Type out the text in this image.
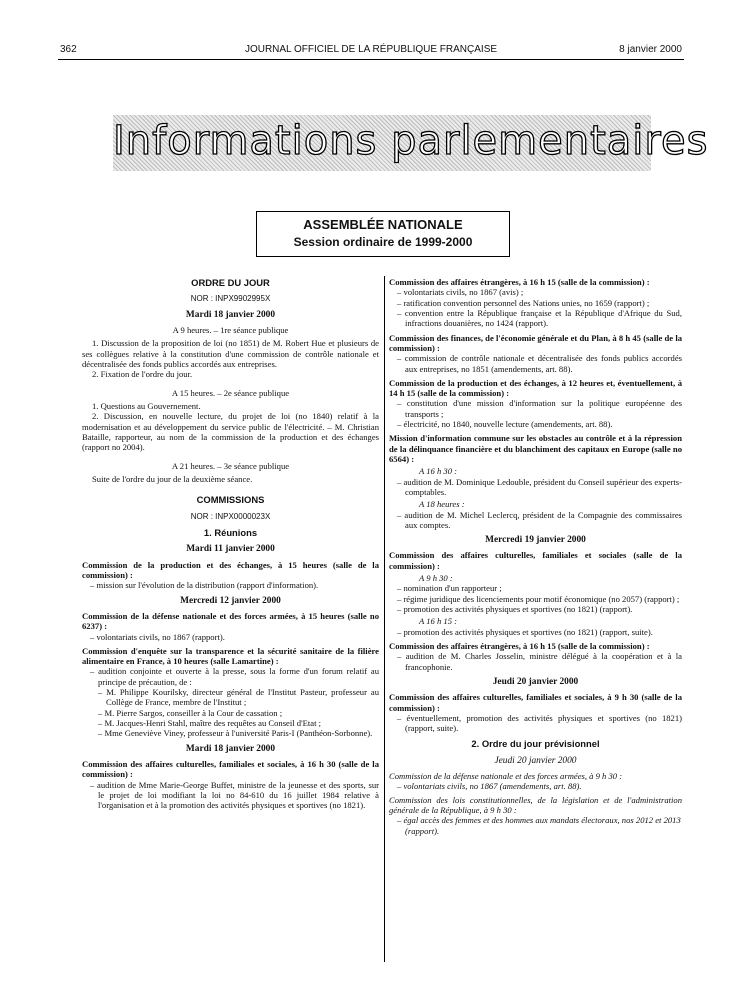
362	JOURNAL OFFICIEL DE LA RÉPUBLIQUE FRANÇAISE	8 janvier 2000
Informations parlementaires
ASSEMBLÉE NATIONALE
Session ordinaire de 1999-2000
ORDRE DU JOUR
NOR : INPX9902995X
Mardi 18 janvier 2000
A 9 heures. – 1re séance publique

1. Discussion de la proposition de loi (no 1851) de M. Robert Hue et plusieurs de ses collègues relative à la constitution d'une commission de contrôle nationale et décentralisée des fonds publics accordés aux entreprises.

2. Fixation de l'ordre du jour.

A 15 heures. – 2e séance publique

1. Questions au Gouvernement.

2. Discussion, en nouvelle lecture, du projet de loi (no 1840) relatif à la modernisation et au développement du service public de l'électricité. – M. Christian Bataille, rapporteur, au nom de la commission de la production et des échanges (rapport no 2004).

A 21 heures. – 3e séance publique

Suite de l'ordre du jour de la deuxième séance.

COMMISSIONS
NOR : INPX0000023X
1. Réunions
Mardi 11 janvier 2000

Commission de la production et des échanges, à 15 heures (salle de la commission) :

– mission sur l'évolution de la distribution (rapport d'information).

Mercredi 12 janvier 2000

Commission de la défense nationale et des forces armées, à 15 heures (salle no 6237) :

– volontariats civils, no 1867 (rapport).

Commission d'enquête sur la transparence et la sécurité sanitaire de la filière alimentaire en France, à 10 heures (salle Lamartine) :

– audition conjointe et ouverte à la presse, sous la forme d'un forum relatif au principe de précaution, de :

– M. Philippe Kourilsky, directeur général de l'Institut Pasteur, professeur au Collège de France, membre de l'Institut ;

– M. Pierre Sargos, conseiller à la Cour de cassation ;

– M. Jacques-Henri Stahl, maître des requêtes au Conseil d'Etat ;

– Mme Geneviève Viney, professeur à l'université Paris-I (Panthéon-Sorbonne).

Mardi 18 janvier 2000

Commission des affaires culturelles, familiales et sociales, à 16 h 30 (salle de la commission) :

– audition de Mme Marie-George Buffet, ministre de la jeunesse et des sports, sur le projet de loi modifiant la loi no 84-610 du 16 juillet 1984 relative à l'organisation et à la promotion des activités physiques et sportives (no 1821).

Commission des affaires étrangères, à 16 h 15 (salle de la commission) :

– volontariats civils, no 1867 (avis) ;

– ratification convention personnel des Nations unies, no 1659 (rapport) ;

– convention entre la République française et la République d'Afrique du Sud, infractions douanières, no 1424 (rapport).

Commission des finances, de l'économie générale et du Plan, à 8 h 45 (salle de la commission) :

– commission de contrôle nationale et décentralisée des fonds publics accordés aux entreprises, no 1851 (amendements, art. 88).

Commission de la production et des échanges, à 12 heures et, éventuellement, à 14 h 15 (salle de la commission) :

– constitution d'une mission d'information sur la politique européenne des transports ;

– électricité, no 1840, nouvelle lecture (amendements, art. 88).

Mission d'information commune sur les obstacles au contrôle et à la répression de la délinquance financière et du blanchiment des capitaux en Europe (salle no 6564) :

A 16 h 30 :

– audition de M. Dominique Ledouble, président du Conseil supérieur des experts-comptables.

A 18 heures :

– audition de M. Michel Leclercq, président de la Compagnie des commissaires aux comptes.

Mercredi 19 janvier 2000

Commission des affaires culturelles, familiales et sociales (salle de la commission) :

A 9 h 30 :

– nomination d'un rapporteur ;

– régime juridique des licenciements pour motif économique (no 2057) (rapport) ;

– promotion des activités physiques et sportives (no 1821) (rapport).

A 16 h 15 :

– promotion des activités physiques et sportives (no 1821) (rapport, suite).

Commission des affaires étrangères, à 16 h 15 (salle de la commission) :

– audition de M. Charles Josselin, ministre délégué à la coopération et à la francophonie.

Jeudi 20 janvier 2000

Commission des affaires culturelles, familiales et sociales, à 9 h 30 (salle de la commission) :

– éventuellement, promotion des activités physiques et sportives (no 1821) (rapport, suite).

2. Ordre du jour prévisionnel
Jeudi 20 janvier 2000

Commission de la défense nationale et des forces armées, à 9 h 30 :

– volontariats civils, no 1867 (amendements, art. 88).

Commission des lois constitutionnelles, de la législation et de l'administration générale de la République, à 9 h 30 :

– égal accès des femmes et des hommes aux mandats électoraux, nos 2012 et 2013 (rapport).
